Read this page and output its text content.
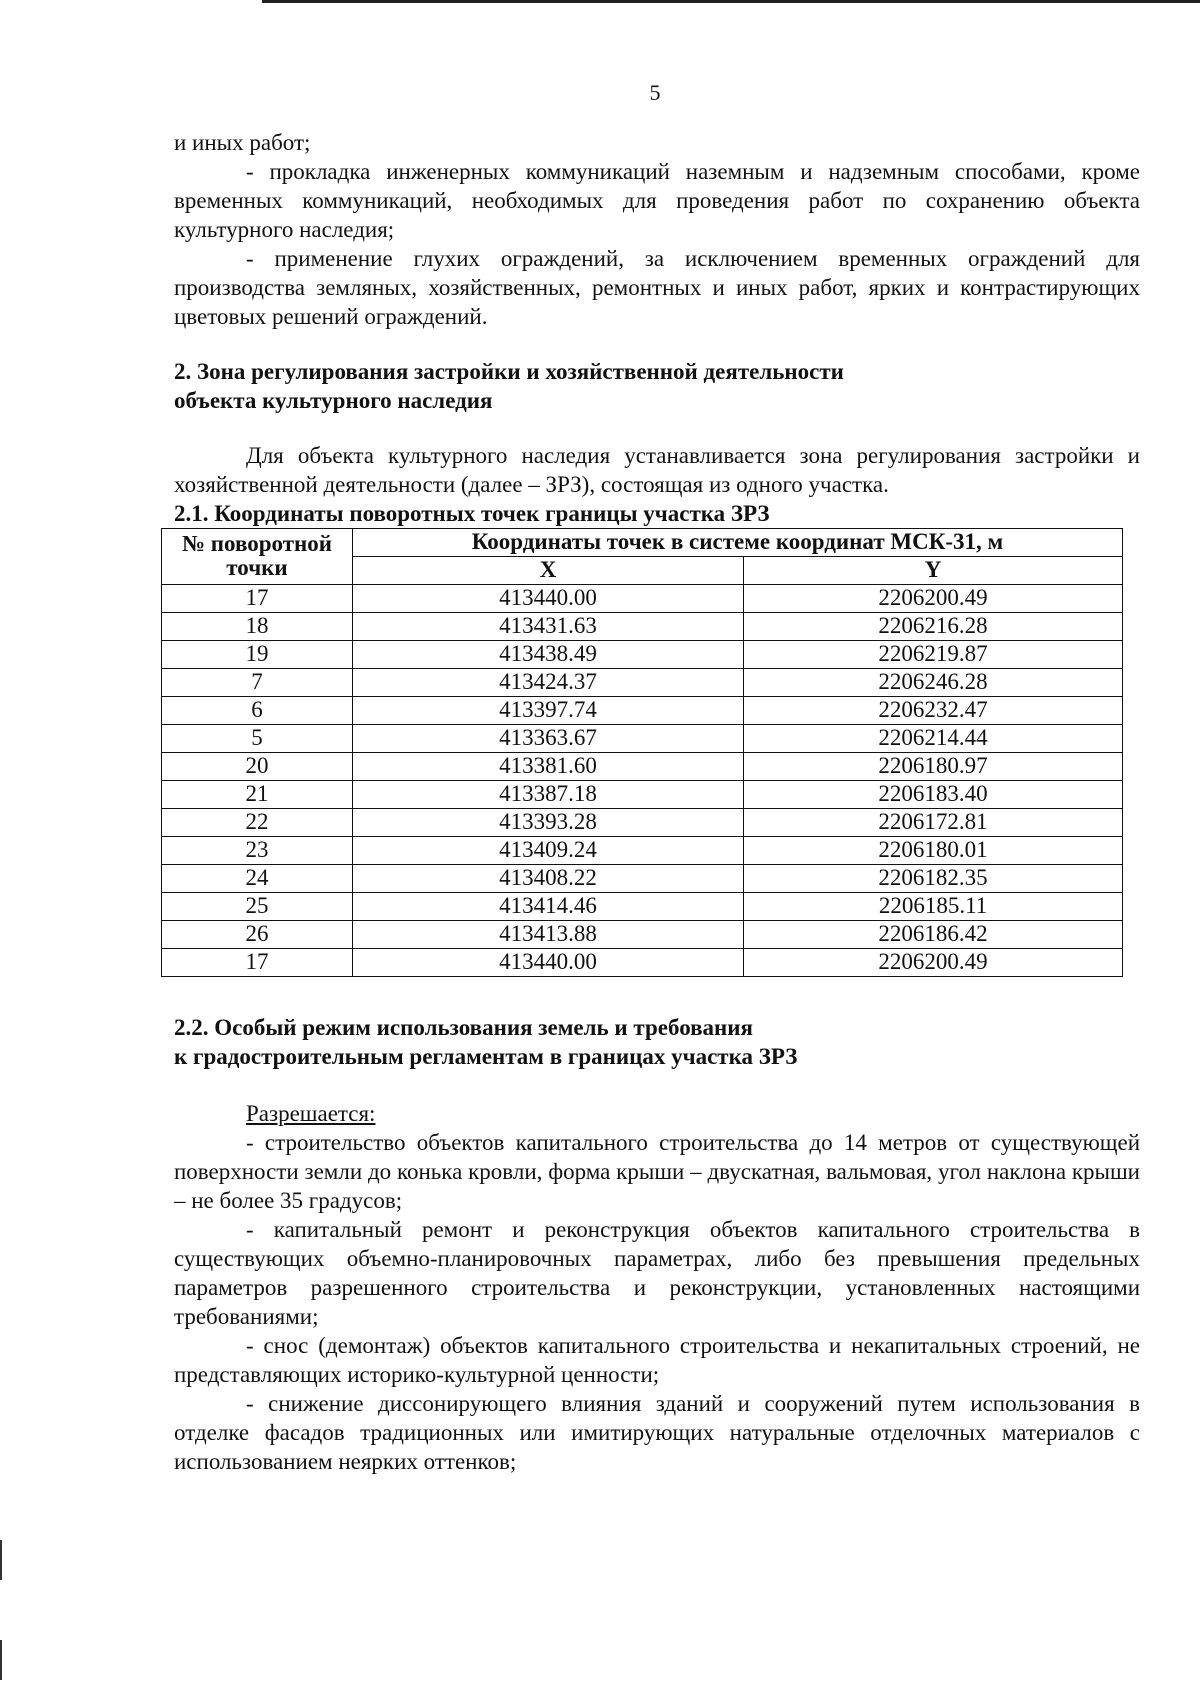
5

и иных работ;

- прокладка инженерных коммуникаций наземным и надземным способами, кроме временных коммуникаций, необходимых для проведения работ по сохранению объекта культурного наследия;

- применение глухих ограждений, за исключением временных ограждений для производства земляных, хозяйственных, ремонтных и иных работ, ярких и контрастирующих цветовых решений ограждений.

2. Зона регулирования застройки и хозяйственной деятельности

объекта культурного наследия

Для объекта культурного наследия устанавливается зона регулирования застройки и хозяйственной деятельности (далее – ЗРЗ), состоящая из одного участка.

2.1. Координаты поворотных точек границы участка ЗРЗ

№ поворотной
точки	Координаты точек в системе координат МСК-31, м	
	X	Y
17	413440.00	2206200.49
18	413431.63	2206216.28
19	413438.49	2206219.87
7	413424.37	2206246.28
6	413397.74	2206232.47
5	413363.67	2206214.44
20	413381.60	2206180.97
21	413387.18	2206183.40
22	413393.28	2206172.81
23	413409.24	2206180.01
24	413408.22	2206182.35
25	413414.46	2206185.11
26	413413.88	2206186.42
17	413440.00	2206200.49

2.2. Особый режим использования земель и требования

к градостроительным регламентам в границах участка ЗРЗ

Разрешается:

- строительство объектов капитального строительства до 14 метров от существующей поверхности земли до конька кровли, форма крыши – двускатная, вальмовая, угол наклона крыши – не более 35 градусов;

- капитальный ремонт и реконструкция объектов капитального строительства в существующих объемно-планировочных параметрах, либо без превышения предельных параметров разрешенного строительства и реконструкции, установленных настоящими требованиями;

- снос (демонтаж) объектов капитального строительства и некапитальных строений, не представляющих историко-культурной ценности;

- снижение диссонирующего влияния зданий и сооружений путем использования в отделке фасадов традиционных или имитирующих натуральные отделочных материалов с использованием неярких оттенков;
